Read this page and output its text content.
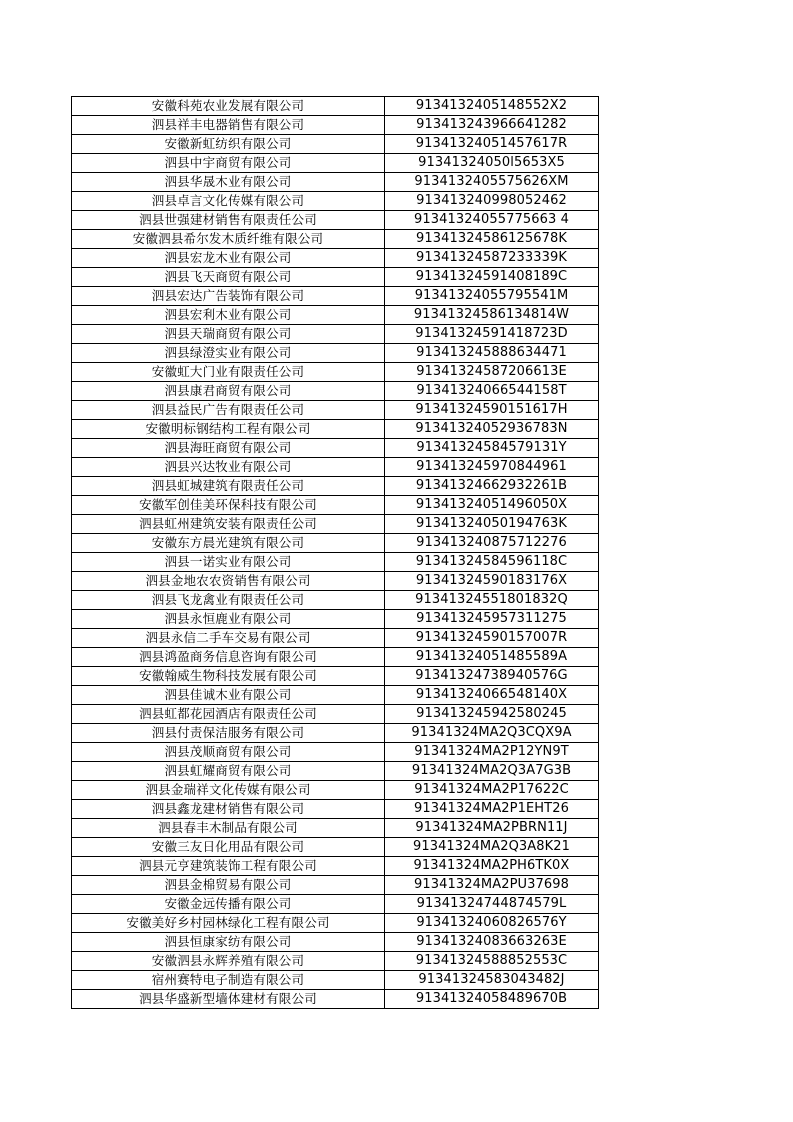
安徽科苑农业发展有限公司	9134132405148552X2
泗县祥丰电器销售有限公司	913413243966641282
安徽新虹纺织有限公司	91341324051457617R
泗县中宇商贸有限公司	91341324050l5653X5
泗县华晟木业有限公司	9134132405575626XM
泗县卓言文化传媒有限公司	913413240998052462
泗县世强建材销售有限责任公司	91341324055775663 4
安徽泗县希尔发木质纤维有限公司	91341324586125678K
泗县宏龙木业有限公司	91341324587233339K
泗县飞天商贸有限公司	91341324591408189C
泗县宏达广告装饰有限公司	91341324055795541M
泗县宏利木业有限公司	91341324586134814W
泗县天瑞商贸有限公司	91341324591418723D
泗县绿澄实业有限公司	913413245888634471
安徽虹大门业有限责任公司	91341324587206613E
泗县康君商贸有限公司	91341324066544158T
泗县益民广告有限责任公司	91341324590151617H
安徽明标钢结构工程有限公司	91341324052936783N
泗县海旺商贸有限公司	91341324584579131Y
泗县兴达牧业有限公司	913413245970844961
泗县虹城建筑有限责任公司	91341324662932261B
安徽军创佳美环保科技有限公司	91341324051496050X
泗县虹州建筑安装有限责任公司	91341324050194763K
安徽东方晨光建筑有限公司	913413240875712276
泗县一诺实业有限公司	91341324584596118C
泗县金地农农资销售有限公司	91341324590183176X
泗县飞龙禽业有限责任公司	91341324551801832Q
泗县永恒鹿业有限公司	913413245957311275
泗县永信二手车交易有限公司	91341324590157007R
泗县鸿盈商务信息咨询有限公司	91341324051485589A
安徽翰威生物科技发展有限公司	91341324738940576G
泗县佳诚木业有限公司	91341324066548140X
泗县虹都花园酒店有限责任公司	913413245942580245
泗县付责保洁服务有限公司	91341324MA2Q3CQX9A
泗县茂顺商贸有限公司	91341324MA2P12YN9T
泗县虹耀商贸有限公司	91341324MA2Q3A7G3B
泗县金瑞祥文化传媒有限公司	91341324MA2P17622C
泗县鑫龙建材销售有限公司	91341324MA2P1EHT26
泗县春丰木制品有限公司	91341324MA2PBRN11J
安徽三友日化用品有限公司	91341324MA2Q3A8K21
泗县元亨建筑装饰工程有限公司	91341324MA2PH6TK0X
泗县金棉贸易有限公司	91341324MA2PU37698
安徽金远传播有限公司	91341324744874579L
安徽美好乡村园林绿化工程有限公司	91341324060826576Y
泗县恒康家纺有限公司	91341324083663263E
安徽泗县永辉养殖有限公司	91341324588852553C
宿州赛特电子制造有限公司	91341324583043482J
泗县华盛新型墙体建材有限公司	91341324058489670B
